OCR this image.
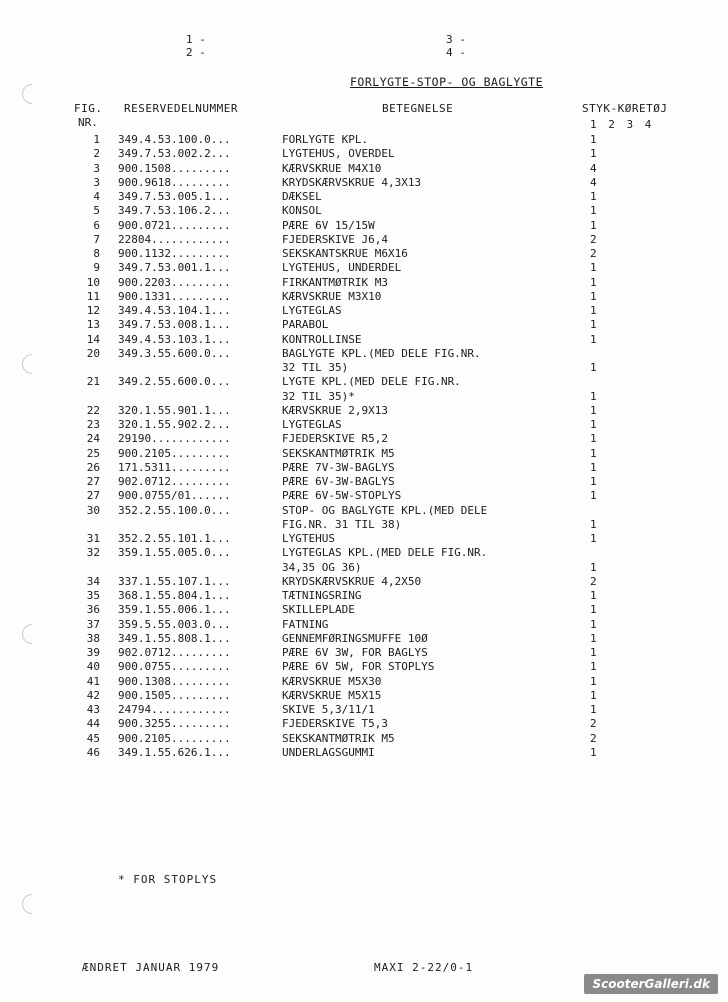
1 -
2 -
3 -
4 -
FORLYGTE-STOP- OG BAGLYGTE
FIG.
NR.
RESERVEDELNUMMER	BETEGNELSE	STYK-KØRETØJ
1 2 3 4
1 349.4.53.100.0...	FORLYGTE KPL.	1
2 349.7.53.002.2...	LYGTEHUS, OVERDEL	1
3 900.1508.........	KÆRVSKRUE M4X10	4
3 900.9618.........	KRYDSKÆRVSKRUE 4,3X13	4
4 349.7.53.005.1...	DÆKSEL	1
5 349.7.53.106.2...	KONSOL	1
6 900.0721.........	PÆRE 6V 15/15W	1
7 22804............	FJEDERSKIVE J6,4	2
8 900.1132.........	SEKSKANTSKRUE M6X16	2
9 349.7.53.001.1...	LYGTEHUS, UNDERDEL	1
10 900.2203.........	FIRKANTMØTRIK M3	1
11 900.1331.........	KÆRVSKRUE M3X10	1
12 349.4.53.104.1...	LYGTEGLAS	1
13 349.7.53.008.1...	PARABOL	1
14 349.4.53.103.1...	KONTROLLINSE	1
20 349.3.55.600.0...	BAGLYGTE KPL.(MED DELE FIG.NR.
32 TIL 35)	1
21 349.2.55.600.0...	LYGTE KPL.(MED DELE FIG.NR.
32 TIL 35)*	1
22 320.1.55.901.1...	KÆRVSKRUE 2,9X13	1
23 320.1.55.902.2...	LYGTEGLAS	1
24 29190............	FJEDERSKIVE R5,2	1
25 900.2105.........	SEKSKANTMØTRIK M5	1
26 171.5311.........	PÆRE 7V-3W-BAGLYS	1
27 902.0712.........	PÆRE 6V-3W-BAGLYS	1
27 900.0755/01......	PÆRE 6V-5W-STOPLYS	1
30 352.2.55.100.0...	STOP- OG BAGLYGTE KPL.(MED DELE
FIG.NR. 31 TIL 38)	1
31 352.2.55.101.1...	LYGTEHUS	1
32 359.1.55.005.0...	LYGTEGLAS KPL.(MED DELE FIG.NR.
34,35 OG 36)	1
34 337.1.55.107.1...	KRYDSKÆRVSKRUE 4,2X50	2
35 368.1.55.804.1...	TÆTNINGSRING	1
36 359.1.55.006.1...	SKILLEPLADE	1
37 359.5.55.003.0...	FATNING	1
38 349.1.55.808.1...	GENNEMFØRINGSMUFFE 10Ø	1
39 902.0712.........	PÆRE 6V 3W, FOR BAGLYS	1
40 900.0755.........	PÆRE 6V 5W, FOR STOPLYS	1
41 900.1308.........	KÆRVSKRUE M5X30	1
42 900.1505.........	KÆRVSKRUE M5X15	1
43 24794............	SKIVE 5,3/11/1	1
44 900.3255.........	FJEDERSKIVE T5,3	2
45 900.2105.........	SEKSKANTMØTRIK M5	2
46 349.1.55.626.1...	UNDERLAGSGUMMI	1
* FOR STOPLYS
ÆNDRET JANUAR 1979	MAXI 2-22/0-1
ScooterGalleri.dk
